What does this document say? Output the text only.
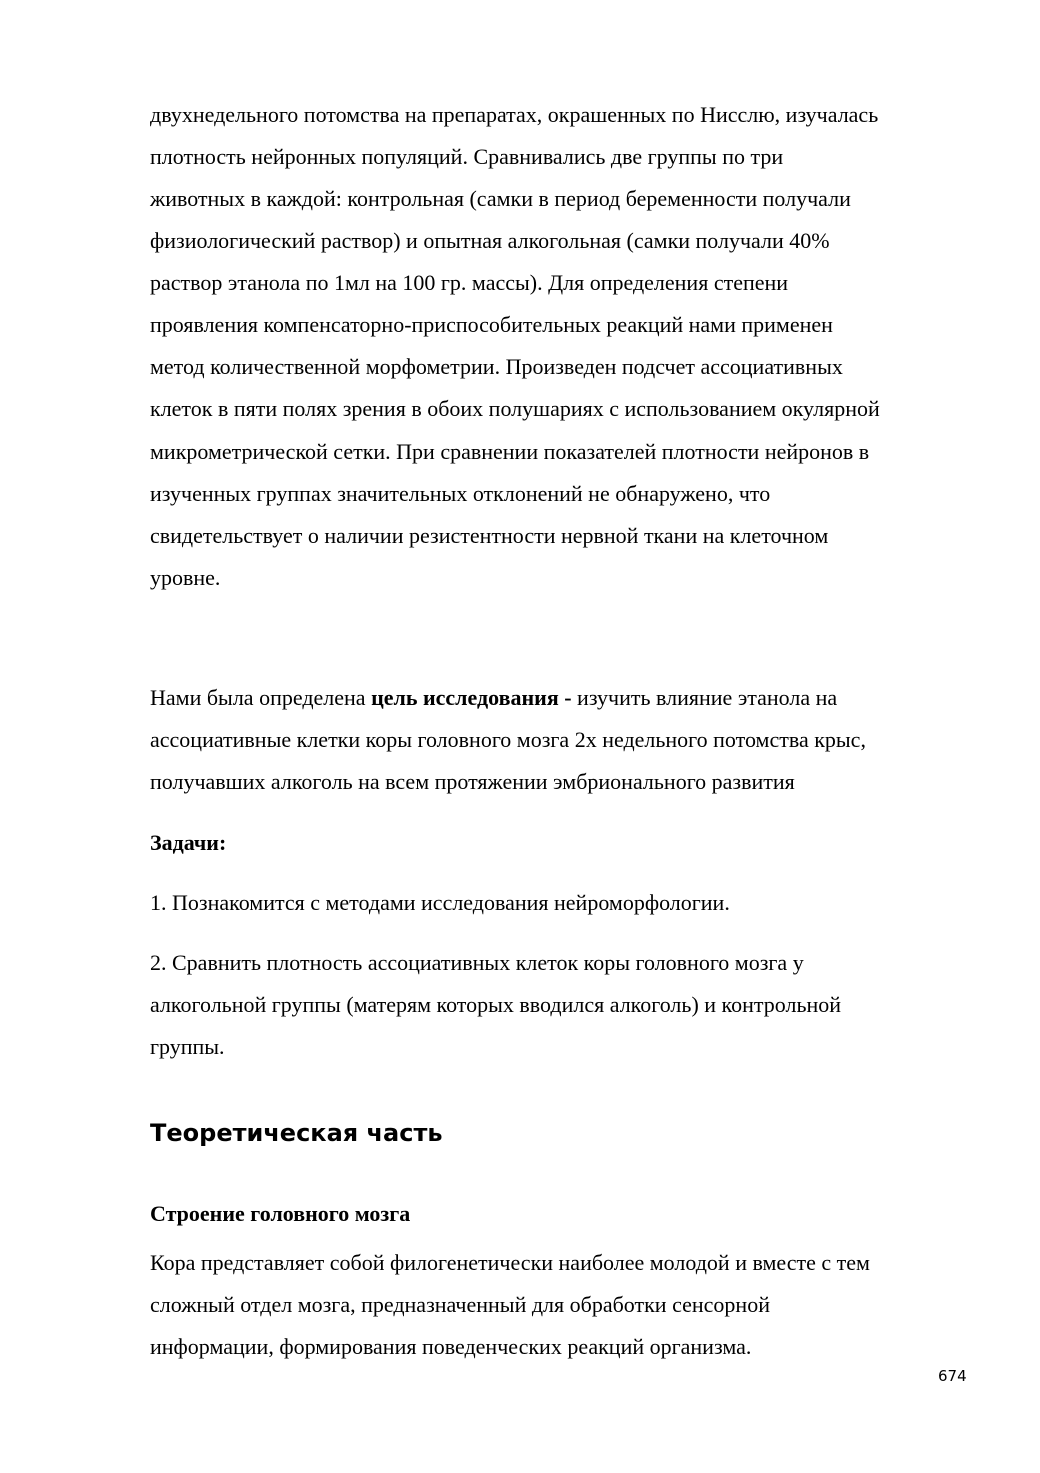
двухнедельного потомства на препаратах, окрашенных по Нисслю, изучалась
плотность нейронных популяций. Сравнивались две группы по три
животных в каждой: контрольная (самки в период беременности получали
физиологический раствор) и опытная алкогольная (самки получали 40%
раствор этанола по 1мл на 100 гр. массы). Для определения степени
проявления компенсаторно-приспособительных реакций нами применен
метод количественной морфометрии. Произведен подсчет ассоциативных
клеток в пяти полях зрения в обоих полушариях с использованием окулярной
микрометрической сетки. При сравнении показателей плотности нейронов в
изученных группах значительных отклонений не обнаружено, что
свидетельствует о наличии резистентности нервной ткани на клеточном
уровне.
Нами была определена цель исследования - изучить влияние этанола на
ассоциативные клетки коры головного мозга 2х недельного потомства крыс,
получавших алкоголь на всем протяжении эмбрионального развития
Задачи:
1. Познакомится с методами исследования нейроморфологии.
2. Сравнить плотность ассоциативных клеток коры головного мозга у
алкогольной группы (матерям которых вводился алкоголь) и контрольной
группы.
Теоретическая часть
Строение головного мозга
Кора представляет собой филогенетически наиболее молодой и вместе с тем
сложный отдел мозга, предназначенный для обработки сенсорной
информации, формирования поведенческих реакций организма.
674
